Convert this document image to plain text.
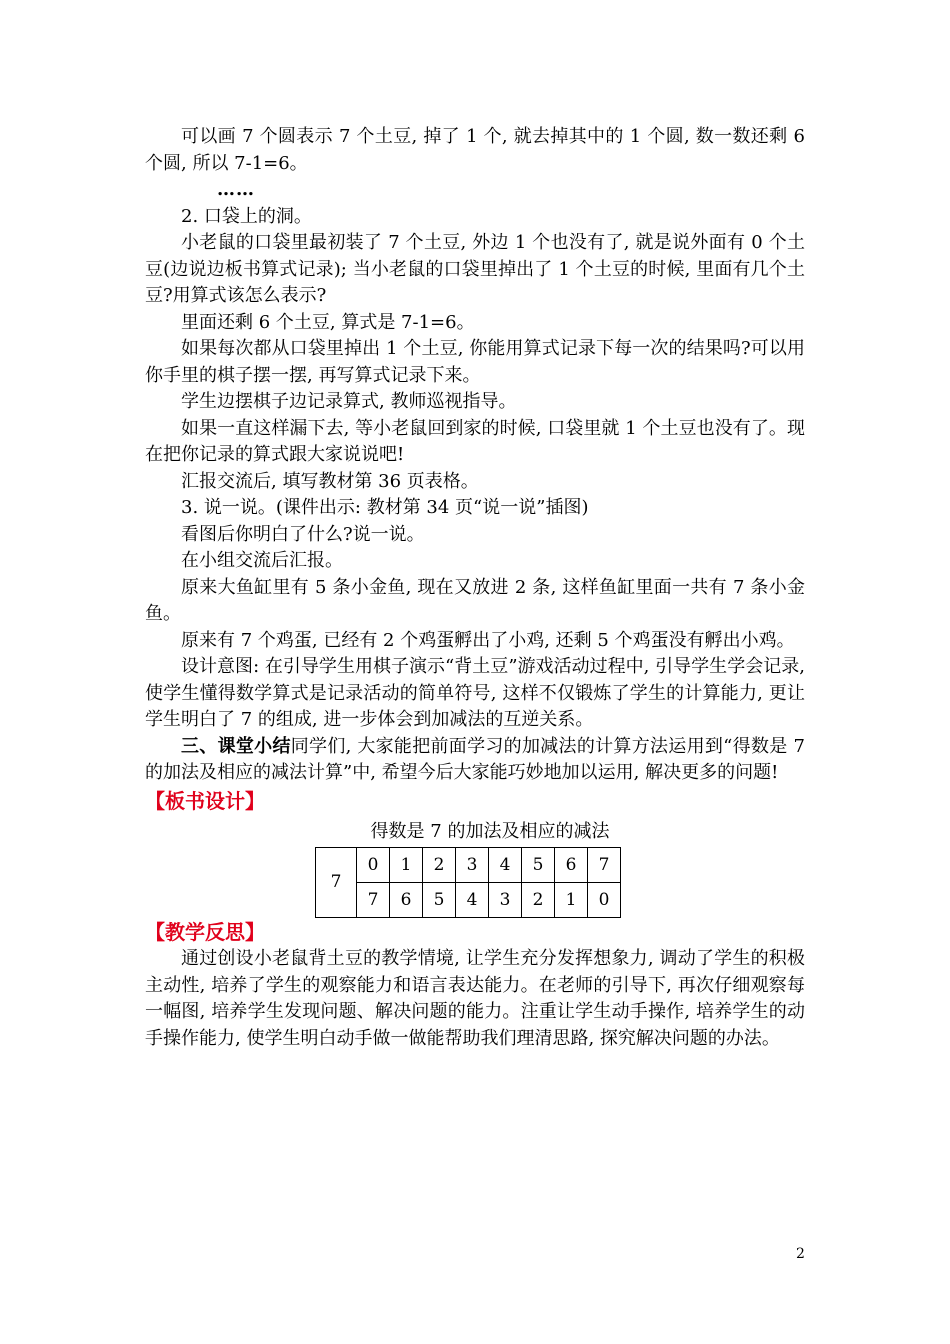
可以画 7 个圆表示 7 个土豆, 掉了 1 个, 就去掉其中的 1 个圆, 数一数还剩 6 个圆, 所以 7-1=6。

……

2. 口袋上的洞。

小老鼠的口袋里最初装了 7 个土豆, 外边 1 个也没有了, 就是说外面有 0 个土豆(边说边板书算式记录); 当小老鼠的口袋里掉出了 1 个土豆的时候, 里面有几个土豆?用算式该怎么表示?

里面还剩 6 个土豆, 算式是 7-1=6。

如果每次都从口袋里掉出 1 个土豆, 你能用算式记录下每一次的结果吗?可以用你手里的棋子摆一摆, 再写算式记录下来。

学生边摆棋子边记录算式, 教师巡视指导。

如果一直这样漏下去, 等小老鼠回到家的时候, 口袋里就 1 个土豆也没有了。现在把你记录的算式跟大家说说吧!

汇报交流后, 填写教材第 36 页表格。

3. 说一说。(课件出示: 教材第 34 页“说一说”插图)

看图后你明白了什么?说一说。

在小组交流后汇报。

原来大鱼缸里有 5 条小金鱼, 现在又放进 2 条, 这样鱼缸里面一共有 7 条小金鱼。

原来有 7 个鸡蛋, 已经有 2 个鸡蛋孵出了小鸡, 还剩 5 个鸡蛋没有孵出小鸡。

设计意图: 在引导学生用棋子演示“背土豆”游戏活动过程中, 引导学生学会记录, 使学生懂得数学算式是记录活动的简单符号, 这样不仅锻炼了学生的计算能力, 更让学生明白了 7 的组成, 进一步体会到加减法的互逆关系。

三、课堂小结同学们, 大家能把前面学习的加减法的计算方法运用到“得数是 7 的加法及相应的减法计算”中, 希望今后大家能巧妙地加以运用, 解决更多的问题!

【板书设计】

得数是 7 的加法及相应的减法
7	0	1	2	3	4	5	6	7
	7	6	5	4	3	2	1	0

【教学反思】

通过创设小老鼠背土豆的教学情境, 让学生充分发挥想象力, 调动了学生的积极主动性, 培养了学生的观察能力和语言表达能力。在老师的引导下, 再次仔细观察每一幅图, 培养学生发现问题、解决问题的能力。注重让学生动手操作, 培养学生的动手操作能力, 使学生明白动手做一做能帮助我们理清思路, 探究解决问题的办法。

2
